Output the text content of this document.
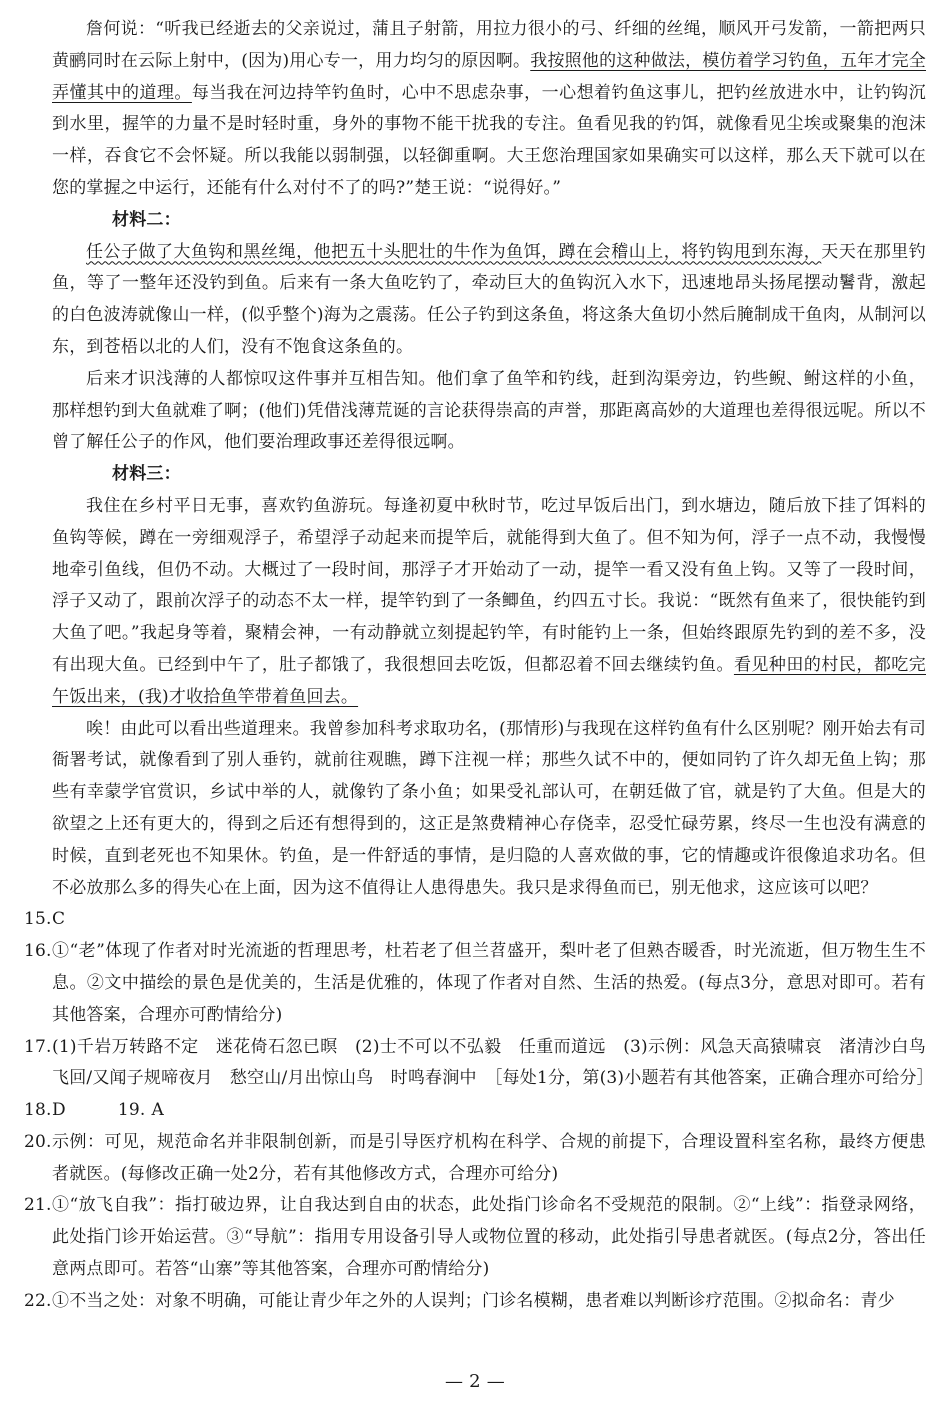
詹何说：“听我已经逝去的父亲说过，蒲且子射箭，用拉力很小的弓、纤细的丝绳，顺风开弓发箭，一箭把两只黄鹂同时在云际上射中，(因为)用心专一，用力均匀的原因啊。我按照他的这种做法，模仿着学习钓鱼，五年才完全弄懂其中的道理。每当我在河边持竿钓鱼时，心中不思虑杂事，一心想着钓鱼这事儿，把钓丝放进水中，让钓钩沉到水里，握竿的力量不是时轻时重，身外的事物不能干扰我的专注。鱼看见我的钓饵，就像看见尘埃或聚集的泡沫一样，吞食它不会怀疑。所以我能以弱制强，以轻御重啊。大王您治理国家如果确实可以这样，那么天下就可以在您的掌握之中运行，还能有什么对付不了的吗?”楚王说：“说得好。”

材料二：

任公子做了大鱼钩和黑丝绳，他把五十头肥壮的牛作为鱼饵，蹲在会稽山上，将钓钩甩到东海，天天在那里钓鱼，等了一整年还没钓到鱼。后来有一条大鱼吃钓了，牵动巨大的鱼钩沉入水下，迅速地昂头扬尾摆动鬐背，激起的白色波涛就像山一样，(似乎整个)海为之震荡。任公子钓到这条鱼，将这条大鱼切小然后腌制成干鱼肉，从制河以东，到苍梧以北的人们，没有不饱食这条鱼的。

后来才识浅薄的人都惊叹这件事并互相告知。他们拿了鱼竿和钓线，赶到沟渠旁边，钓些鲵、鲋这样的小鱼，那样想钓到大鱼就难了啊；(他们)凭借浅薄荒诞的言论获得崇高的声誉，那距离高妙的大道理也差得很远呢。所以不曾了解任公子的作风，他们要治理政事还差得很远啊。

材料三：

我住在乡村平日无事，喜欢钓鱼游玩。每逢初夏中秋时节，吃过早饭后出门，到水塘边，随后放下挂了饵料的鱼钩等候，蹲在一旁细观浮子，希望浮子动起来而提竿后，就能得到大鱼了。但不知为何，浮子一点不动，我慢慢地牵引鱼线，但仍不动。大概过了一段时间，那浮子才开始动了一动，提竿一看又没有鱼上钩。又等了一段时间，浮子又动了，跟前次浮子的动态不太一样，提竿钓到了一条鲫鱼，约四五寸长。我说：“既然有鱼来了，很快能钓到大鱼了吧。”我起身等着，聚精会神，一有动静就立刻提起钓竿，有时能钓上一条，但始终跟原先钓到的差不多，没有出现大鱼。已经到中午了，肚子都饿了，我很想回去吃饭，但都忍着不回去继续钓鱼。看见种田的村民，都吃完午饭出来，(我)才收拾鱼竿带着鱼回去。

唉！由此可以看出些道理来。我曾参加科考求取功名，(那情形)与我现在这样钓鱼有什么区别呢？刚开始去有司衙署考试，就像看到了别人垂钓，就前往观瞧，蹲下注视一样；那些久试不中的，便如同钓了许久却无鱼上钩；那些有幸蒙学官赏识，乡试中举的人，就像钓了条小鱼；如果受礼部认可，在朝廷做了官，就是钓了大鱼。但是大的欲望之上还有更大的，得到之后还有想得到的，这正是煞费精神心存侥幸，忍受忙碌劳累，终尽一生也没有满意的时候，直到老死也不知果休。钓鱼，是一件舒适的事情，是归隐的人喜欢做的事，它的情趣或许很像追求功名。但不必放那么多的得失心在上面，因为这不值得让人患得患失。我只是求得鱼而已，别无他求，这应该可以吧？

15. C

16. ①“老”体现了作者对时光流逝的哲理思考，杜若老了但兰苕盛开，梨叶老了但熟杏暖香，时光流逝，但万物生生不息。②文中描绘的景色是优美的，生活是优雅的，体现了作者对自然、生活的热爱。(每点3分，意思对即可。若有其他答案，合理亦可酌情给分)

17. (1)千岩万转路不定　迷花倚石忽已暝　(2)士不可以不弘毅　任重而道远　(3)示例：风急天高猿啸哀　渚清沙白鸟飞回/又闻子规啼夜月　愁空山/月出惊山鸟　时鸣春涧中　［每处1分，第(3)小题若有其他答案，正确合理亦可给分］

18. D	19. A

20. 示例：可见，规范命名并非限制创新，而是引导医疗机构在科学、合规的前提下，合理设置科室名称，最终方便患者就医。(每修改正确一处2分，若有其他修改方式，合理亦可给分)

21. ①“放飞自我”：指打破边界，让自我达到自由的状态，此处指门诊命名不受规范的限制。②“上线”：指登录网络，此处指门诊开始运营。③“导航”：指用专用设备引导人或物位置的移动，此处指引导患者就医。(每点2分，答出任意两点即可。若答“山寨”等其他答案，合理亦可酌情给分)

22. ①不当之处：对象不明确，可能让青少年之外的人误判；门诊名模糊，患者难以判断诊疗范围。②拟命名：青少

— 2 —
